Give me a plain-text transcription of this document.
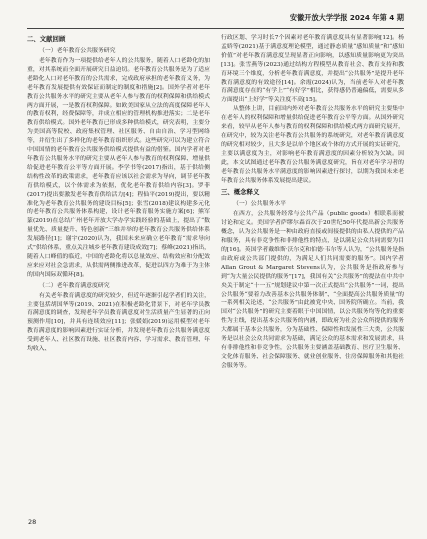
安徽开放大学学报 2024 年第 4 期
二、文献回顾
（一）老年教育公共服务研究

老年教育作为一项提供给老年人的公共服务，随着人口老龄化的加重，对其系统而全面开展研究日益迫切。老年教育公共服务是为了适应老龄化人口对老年教育的公共需求，完成政府承担的老年教育义务，为老年教育发展提供有效保证而制定的制度和措施[2]。国外学者对老年教育公共服务水平的研究主要从老年人参与教育的权利保障和供给模式两方面开展，一是教育权利保障。如欧美国家从立法的高度保障老年人的教育权利，经费保障等，并成立相应的管理机构推进落实；二是老年教育供给模式。国外老年教育已形成多种供给模式，研究表明，主要分为美国高等院校、政府集权管理、社区服务、自由自治、学习型网络等，并衍生出了多样化的老年教育组织形式。这些研究可以为建立符合中国国情的老年教育公共服务供给模式提供有益的借鉴。国内学者对老年教育公共服务水平的研究主要从老年人参与教育的权利保障、增量供给促进老年教育公平等方面开展。李学书等(2017)指出，基于供给侧结构性改革的政策需求，老年教育应该以社会需求为导向，调节老年教育供给模式，以个体需求为依据，优化老年教育供给内容[3]。罗菲(2017)提出要激发老年教育供给活力[4]；程仙平(2019)提出，要以精准化为老年教育公共服务的建设目标[5]；张雪(2018)建议构建多元化的老年教育公共服务体系构建，设计老年教育服务实施方案[6]；熊军篆(2019)在总结广州老年开放大学办学实践经验的基础上，提出了“数量优先、质量提升、特色创新”三维并举的老年教育公共服务供给体系发展路径[1]；谢宇(2020)认为，我国未来应确立老年教育“需求导向式”供给体系，重点关注城乡老年教育建设成效[7]；蔡峰(2021)指出，随着人口峰值的临近，中国的老龄化将以总量效应、结构效应和分配效应来应对社会急需求，从供需两侧推进改革，促进以四方为难于为主体的国内国际双循环[8]。

（二）老年教育满意度研究

有关老年教育满意度的研究较少，但近年逐渐引起学者们的关注，主要包括胡国华等(2019、2021)在积极老龄化背景下，对老年学员教育满意度的调查，发现老年学员教育满意度对生活质量产生显著的正向预测作用[10]，并具有连续效应[11]；张媛娟(2019)运用模型对老年教育满意度的影响因素进行实证分析，并发现老年教育公共服务满意度受到老年人、社区教育设施、社区教育内容、学习需求、教育管理、年均收入、

行政区划、学习时长7个因素对老年教育满意度具有显著影响[12]。杨孟娇等(2021)基于满意度理论模型，通过静态质量“感知质量”和“感知价值”对老年教育满意度呈现显著正向影响，以感知质量影响更为突出[13]。张雪燕等(2023)通过结构方程模型从教育社会、教育支持和教育环境三个维度，分析老年教育满意度，并提出“公共服务”是提升老年教育满意度的有效途径[14]。余霞(2024)认为，当前老年人对老年教育满意度存在的“有学上”“有好学”相比，获得感仍普遍偏低，需要从多方面提出“上好学”等关注度不高[15]。

从整体上讲，目前国内外对老年教育公共服务水平的研究主要集中在老年人的权利保障和增量供给促进老年教育公平等方面。从国外研究来看，较早从老年人参与教育的权利保障和供给模式两方面研究展开，在研究中，较为关注老年教育公共服务的系统研究，对老年教育满意度的研究相对较少，且大多是以单个地区或个体的方式开展的实证研究，主要以满意度为主，对影响老年教育满意度的因素分析较为欠缺。因此，本文试图通过老年教育公共服务满意度研究，旨在对老年学习者的老年教育公共服务水平满意度的影响因素进行探讨，以期为我国未来老年教育公共服务体系发展提出建议。

三、概念释义
（一）公共服务水平

在西方，公共服务经常与公共产品（public goods）相联系而被讨论和定义。美国学者萨缪尔森首次于20世纪50年代提出新公共服务概念，认为公共服务是一种由政府直接或间接提供的由私人提供的产品和服务，具有非竞争性和非排他性的特点，是以满足公众共同需要为目的[16]。英国学者戴维斯·沃尔克和伯德·韦尔等人认为，“公共服务是指由政府或公共部门提供的，为满足人们共同需要的服务”。国内学者Allan Grout & Margaret Stevens认为，公共服务是指政府参与到“为大量公民提供的服务”[17]，我国有关“公共服务”的提法在中共中央关于制定“十一五”规划建议中第一次正式提出“公共服务”一词，提出公共服务“要着力改善基本公共服务体制”、“全面提高公共服务质量”的一系列相关论述，“公共服务”由此被党中央、国务院所确立。当前，我国对“公共服务”的研究主要着眼于中国国情，以公共服务均等化的重要性为主线，提出基本公共服务的内涵，即政府为社会公众所提供的服务大都属于基本公共服务，分为基础性、保障性和发展性三大类，公共服务是以社会公众共同需求为基础，满足公众的基本需求和发展需求，具有非排他性和非竞争性，公共服务主要涵盖基础教育、医疗卫生服务、文化体育服务、社会保障服务、就业创业服务、住房保障服务和其他社会服务等。

28
